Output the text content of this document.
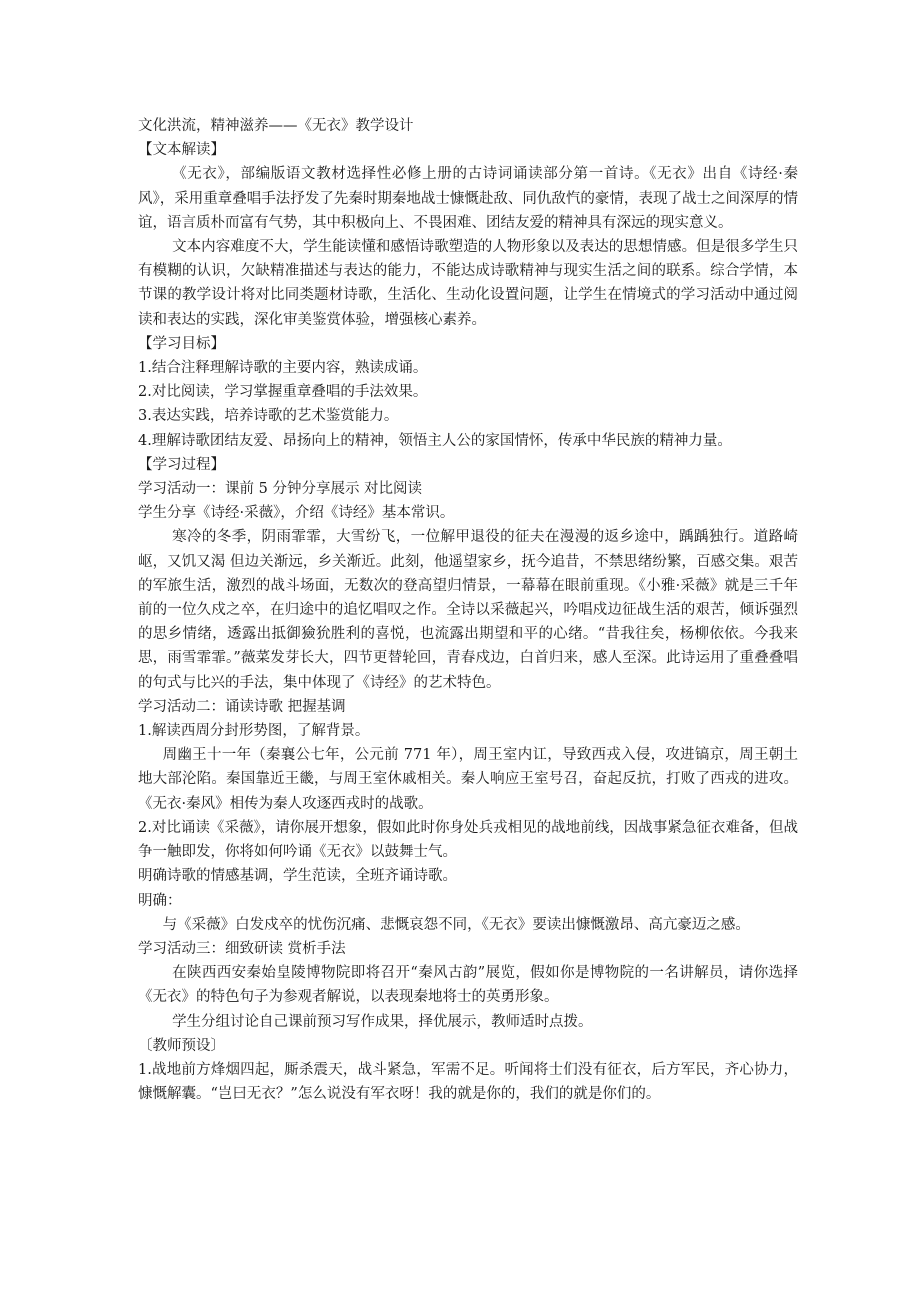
文化洪流，精神滋养——《无衣》教学设计

【文本解读】

《无衣》，部编版语文教材选择性必修上册的古诗词诵读部分第一首诗。《无衣》出自《诗经·秦风》，采用重章叠唱手法抒发了先秦时期秦地战士慷慨赴敌、同仇敌忾的豪情，表现了战士之间深厚的情谊，语言质朴而富有气势，其中积极向上、不畏困难、团结友爱的精神具有深远的现实意义。

文本内容难度不大，学生能读懂和感悟诗歌塑造的人物形象以及表达的思想情感。但是很多学生只有模糊的认识，欠缺精准描述与表达的能力，不能达成诗歌精神与现实生活之间的联系。综合学情，本节课的教学设计将对比同类题材诗歌，生活化、生动化设置问题，让学生在情境式的学习活动中通过阅读和表达的实践，深化审美鉴赏体验，增强核心素养。

【学习目标】

1.结合注释理解诗歌的主要内容，熟读成诵。

2.对比阅读，学习掌握重章叠唱的手法效果。

3.表达实践，培养诗歌的艺术鉴赏能力。

4.理解诗歌团结友爱、昂扬向上的精神，领悟主人公的家国情怀，传承中华民族的精神力量。

【学习过程】

学习活动一：课前 5 分钟分享展示 对比阅读

学生分享《诗经·采薇》，介绍《诗经》基本常识。

寒冷的冬季，阴雨霏霏，大雪纷飞，一位解甲退役的征夫在漫漫的返乡途中，踽踽独行。道路崎岖，又饥又渴 但边关渐远，乡关渐近。此刻，他遥望家乡，抚今追昔，不禁思绪纷繁，百感交集。艰苦的军旅生活，激烈的战斗场面，无数次的登高望归情景，一幕幕在眼前重现。《小雅·采薇》就是三千年前的一位久戍之卒，在归途中的追忆唱叹之作。全诗以采薇起兴，吟唱戍边征战生活的艰苦，倾诉强烈的思乡情绪，透露出抵御獫狁胜利的喜悦，也流露出期望和平的心绪。“昔我往矣，杨柳依依。今我来思，雨雪霏霏。”薇菜发芽长大，四节更替轮回，青春戍边，白首归来，感人至深。此诗运用了重叠叠唱的句式与比兴的手法，集中体现了《诗经》的艺术特色。

学习活动二：诵读诗歌 把握基调

1.解读西周分封形势图，了解背景。

周幽王十一年（秦襄公七年，公元前 771 年），周王室内讧，导致西戎入侵，攻进镐京，周王朝土地大部沦陷。秦国靠近王畿，与周王室休戚相关。秦人响应王室号召，奋起反抗，打败了西戎的进攻。《无衣·秦风》相传为秦人攻逐西戎时的战歌。

2.对比诵读《采薇》，请你展开想象，假如此时你身处兵戎相见的战地前线，因战事紧急征衣难备，但战争一触即发，你将如何吟诵《无衣》以鼓舞士气。

明确诗歌的情感基调，学生范读，全班齐诵诗歌。

明确：

与《采薇》白发戍卒的忧伤沉痛、悲慨哀怨不同，《无衣》要读出慷慨激昂、高亢豪迈之感。

学习活动三：细致研读 赏析手法

在陕西西安秦始皇陵博物院即将召开“秦风古韵”展览，假如你是博物院的一名讲解员，请你选择《无衣》的特色句子为参观者解说，以表现秦地将士的英勇形象。

学生分组讨论自己课前预习写作成果，择优展示，教师适时点拨。

〔教师预设〕

1.战地前方烽烟四起，厮杀震天，战斗紧急，军需不足。听闻将士们没有征衣，后方军民，齐心协力，慷慨解囊。“岂曰无衣？”怎么说没有军衣呀！我的就是你的，我们的就是你们的。
